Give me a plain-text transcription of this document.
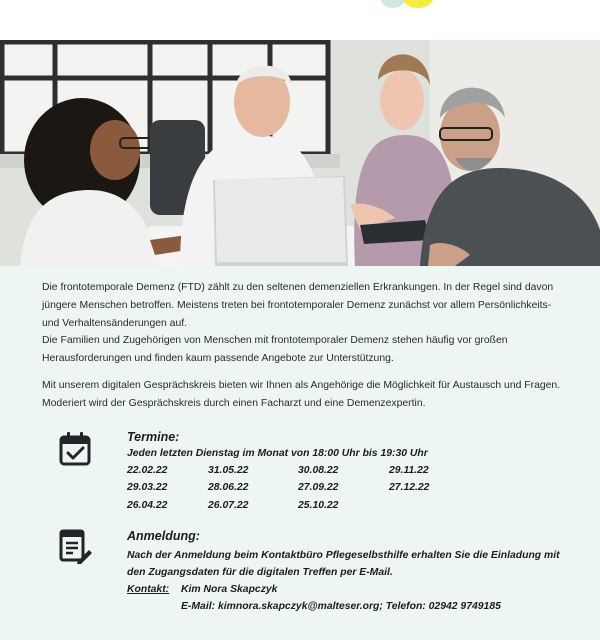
Die frontotemporale Demenz (FTD) zählt zu den seltenen demenziellen Erkrankungen. In der Regel sind davon jüngere Menschen betroffen. Meistens treten bei frontotemporaler Demenz zunächst vor allem Persönlichkeits- und Verhaltensänderungen auf.

Die Familien und Zugehörigen von Menschen mit frontotemporaler Demenz stehen häufig vor großen Herausforderungen und finden kaum passende Angebote zur Unterstützung.

Mit unserem digitalen Gesprächskreis bieten wir Ihnen als Angehörige die Möglichkeit für Austausch und Fragen. Moderiert wird der Gesprächskreis durch einen Facharzt und eine Demenzexpertin.

Termine:
Jeden letzten Dienstag im Monat von 18:00 Uhr bis 19:30 Uhr
22.02.22	31.05.22	30.08.22	29.11.22
29.03.22	28.06.22	27.09.22	27.12.22
26.04.22	26.07.22	25.10.22
Anmeldung:
Nach der Anmeldung beim Kontaktbüro Pflegeselbsthilfe erhalten Sie die Einladung mit den Zugangsdaten für die digitalen Treffen per E-Mail.
Kontakt:	Kim Nora Skapczyk
E-Mail: kimnora.skapczyk@malteser.org; Telefon: 02942 9749185
